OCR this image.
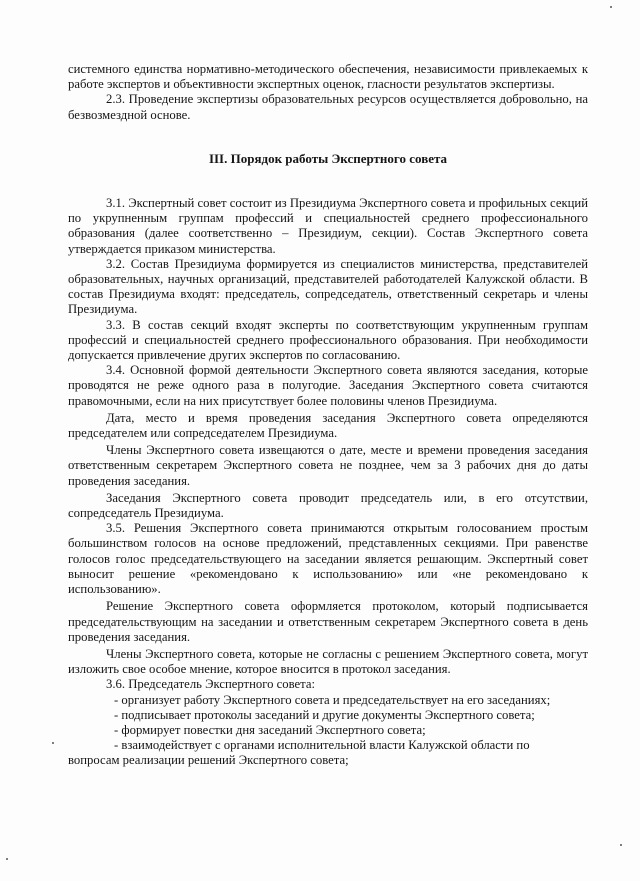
системного единства нормативно-методического обеспечения, независимости привлекаемых к работе экспертов и объективности экспертных оценок, гласности результатов экспертизы.

2.3. Проведение экспертизы образовательных ресурсов осуществляется добровольно, на безвозмездной основе.

III. Порядок работы Экспертного совета

3.1. Экспертный совет состоит из Президиума Экспертного совета и профильных секций по укрупненным группам профессий и специальностей среднего профессионального образования (далее соответственно – Президиум, секции). Состав Экспертного совета утверждается приказом министерства.

3.2. Состав Президиума формируется из специалистов министерства, представителей образовательных, научных организаций, представителей работодателей Калужской области. В состав Президиума входят: председатель, сопредседатель, ответственный секретарь и члены Президиума.

3.3. В состав секций входят эксперты по соответствующим укрупненным группам профессий и специальностей среднего профессионального образования. При необходимости допускается привлечение других экспертов по согласованию.

3.4. Основной формой деятельности Экспертного совета являются заседания, которые проводятся не реже одного раза в полугодие. Заседания Экспертного совета считаются правомочными, если на них присутствует более половины членов Президиума.

Дата, место и время проведения заседания Экспертного совета определяются председателем или сопредседателем Президиума.

Члены Экспертного совета извещаются о дате, месте и времени проведения заседания ответственным секретарем Экспертного совета не позднее, чем за 3 рабочих дня до даты проведения заседания.

Заседания Экспертного совета проводит председатель или, в его отсутствии, сопредседатель Президиума.

3.5. Решения Экспертного совета принимаются открытым голосованием простым большинством голосов на основе предложений, представленных секциями. При равенстве голосов голос председательствующего на заседании является решающим. Экспертный совет выносит решение «рекомендовано к использованию» или «не рекомендовано к использованию».

Решение Экспертного совета оформляется протоколом, который подписывается председательствующим на заседании и ответственным секретарем Экспертного совета в день проведения заседания.

Члены Экспертного совета, которые не согласны с решением Экспертного совета, могут изложить свое особое мнение, которое вносится в протокол заседания.

3.6. Председатель Экспертного совета:

- организует работу Экспертного совета и председательствует на его заседаниях;

- подписывает протоколы заседаний и другие документы Экспертного совета;

- формирует повестки дня заседаний Экспертного совета;

- взаимодействует с органами исполнительной власти Калужской области по

вопросам реализации решений Экспертного совета;
